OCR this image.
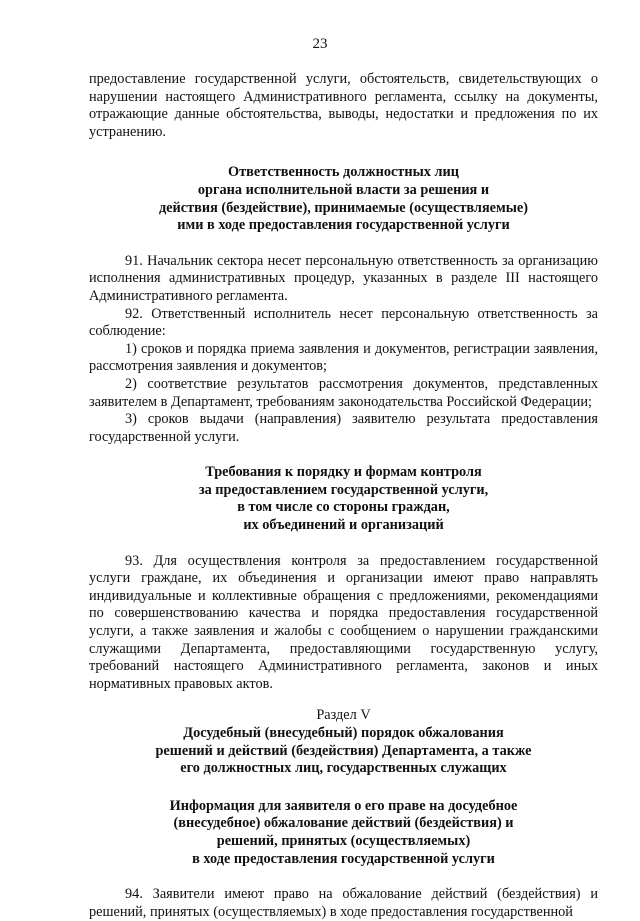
23

предоставление государственной услуги, обстоятельств, свидетельствующих о нарушении настоящего Административного регламента, ссылку на документы, отражающие данные обстоятельства, выводы, недостатки и предложения по их устранению.

Ответственность должностных лиц
органа исполнительной власти за решения и
действия (бездействие), принимаемые (осуществляемые)
ими в ходе предоставления государственной услуги

91. Начальник сектора несет персональную ответственность за организацию исполнения административных процедур, указанных в разделе III настоящего Административного регламента.

92. Ответственный исполнитель несет персональную ответственность за соблюдение:

1) сроков и порядка приема заявления и документов, регистрации заявления, рассмотрения заявления и документов;

2) соответствие результатов рассмотрения документов, представленных заявителем в Департамент, требованиям законодательства Российской Федерации;

3) сроков выдачи (направления) заявителю результата предоставления государственной услуги.

Требования к порядку и формам контроля
за предоставлением государственной услуги,
в том числе со стороны граждан,
их объединений и организаций

93. Для осуществления контроля за предоставлением государственной услуги граждане, их объединения и организации имеют право направлять индивидуальные и коллективные обращения с предложениями, рекомендациями по совершенствованию качества и порядка предоставления государственной услуги, а также заявления и жалобы с сообщением о нарушении гражданскими служащими Департамента, предоставляющими государственную услугу, требований настоящего Административного регламента, законов и иных нормативных правовых актов.

Раздел V

Досудебный (внесудебный) порядок обжалования
решений и действий (бездействия) Департамента, а также
его должностных лиц, государственных служащих

Информация для заявителя о его праве на досудебное
(внесудебное) обжалование действий (бездействия) и
решений, принятых (осуществляемых)
в ходе предоставления государственной услуги

94. Заявители имеют право на обжалование действий (бездействия) и решений, принятых (осуществляемых) в ходе предоставления государственной
